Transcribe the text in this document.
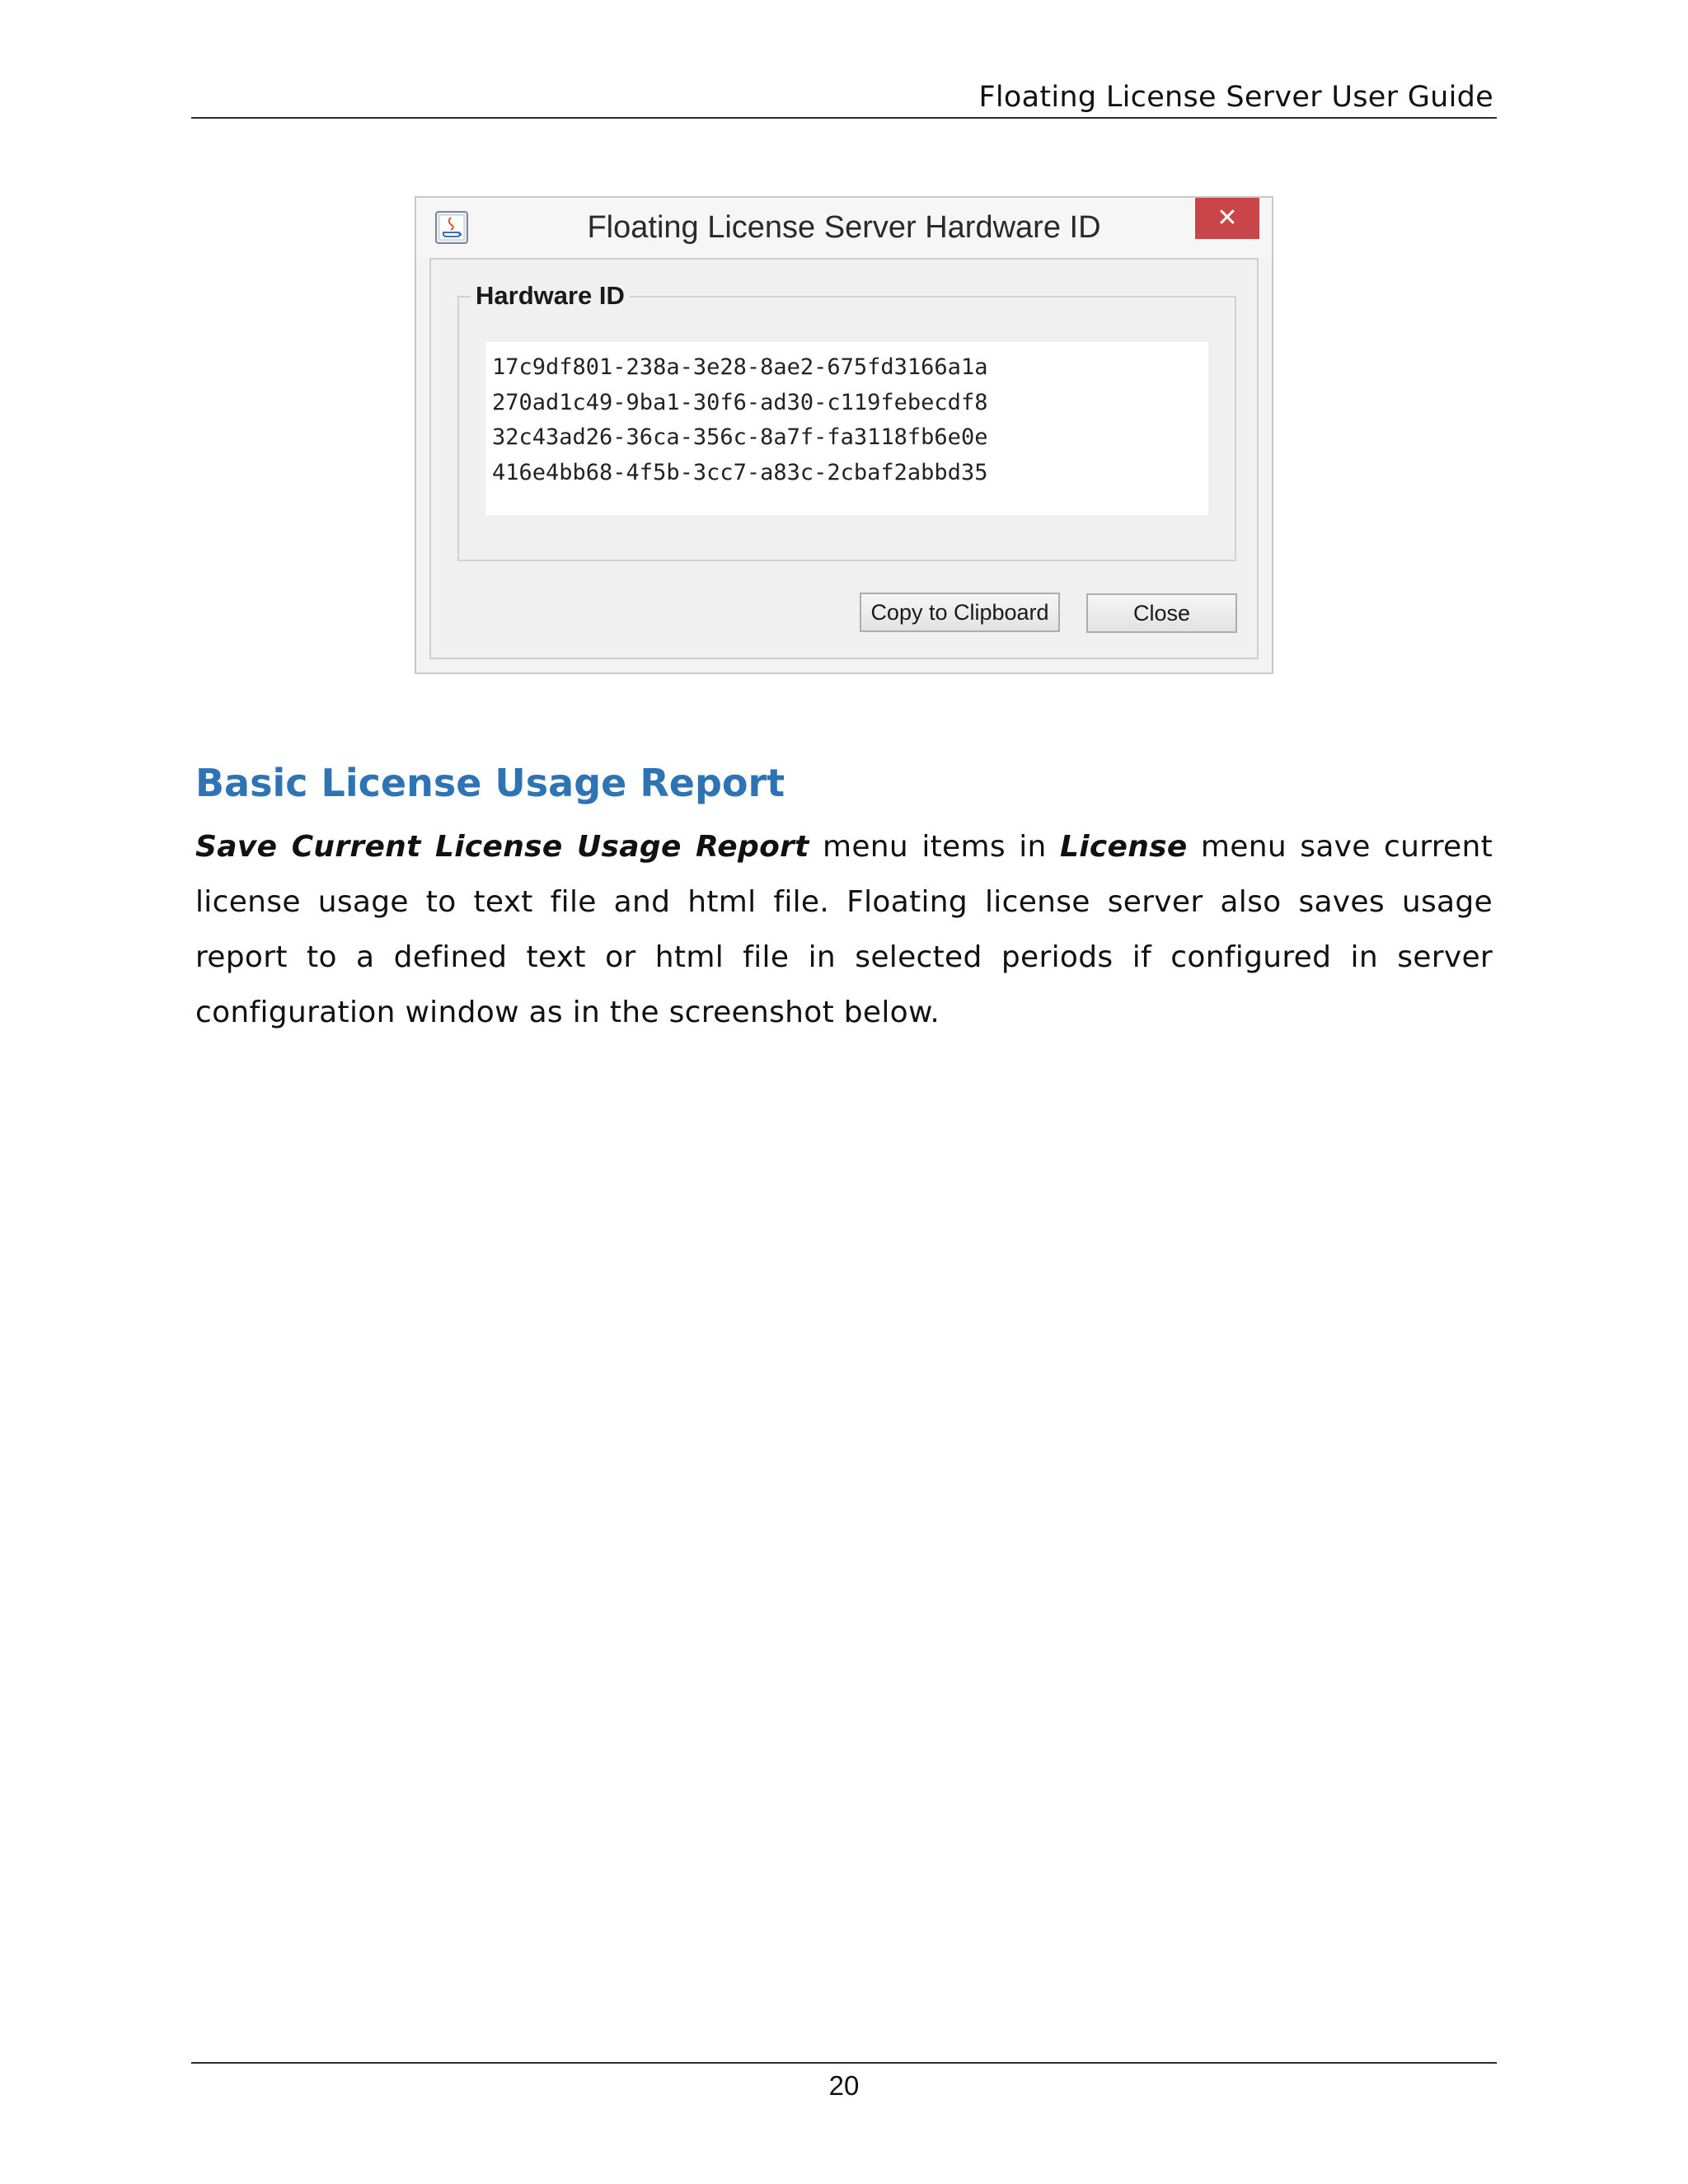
Floating License Server User Guide
Floating License Server Hardware ID	✕
Hardware ID
17c9df801-238a-3e28-8ae2-675fd3166a1a
270ad1c49-9ba1-30f6-ad30-c119febecdf8
32c43ad26-36ca-356c-8a7f-fa3118fb6e0e
416e4bb68-4f5b-3cc7-a83c-2cbaf2abbd35
Copy to Clipboard	Close
Basic License Usage Report

Save Current License Usage Report menu items in License menu save current license usage to text file and html file. Floating license server also saves usage report to a defined text or html file in selected periods if configured in server configuration window as in the screenshot below.

20
